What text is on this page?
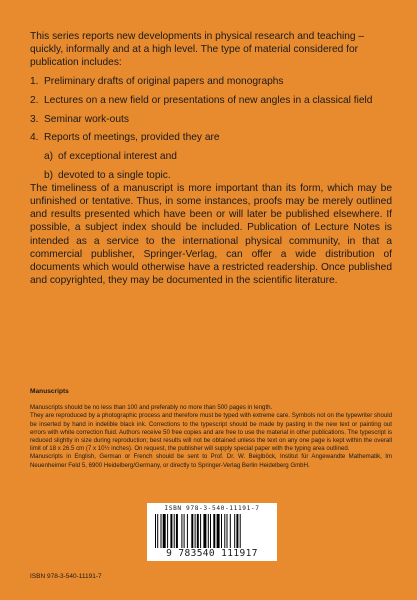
This series reports new developments in physical research and teaching – quickly, informally and at a high level. The type of material considered for publication includes:

1. Preliminary drafts of original papers and monographs
2. Lectures on a new field or presentations of new angles in a classical field
3. Seminar work-outs
4. Reports of meetings, provided they are
a) of exceptional interest and
b) devoted to a single topic.

The timeliness of a manuscript is more important than its form, which may be unfinished or tentative. Thus, in some instances, proofs may be merely outlined and results presented which have been or will later be published elsewhere. If possible, a subject index should be included. Publication of Lecture Notes is intended as a service to the international physical community, in that a commercial publisher, Springer-Verlag, can offer a wide distribution of documents which would otherwise have a restricted readership. Once published and copyrighted, they may be documented in the scientific literature.

Manuscripts

Manuscripts should be no less than 100 and preferably no more than 500 pages in length.

They are reproduced by a photographic process and therefore must be typed with extreme care. Symbols not on the typewriter should be inserted by hand in indelible black ink. Corrections to the typescript should be made by pasting in the new text or painting out errors with white correction fluid. Authors receive 50 free copies and are free to use the material in other publications. The typescript is reduced slightly in size during reproduction; best results will not be obtained unless the text on any one page is kept within the overall limit of 18 x 26.5 cm (7 x 10½ inches). On request, the publisher will supply special paper with the typing area outlined.

Manuscripts in English, German or French should be sent to Prof. Dr. W. Beiglböck, Institut für Angewandte Mathematik, Im Neuenheimer Feld 5, 6900 Heidelberg/Germany, or directly to Springer-Verlag Berlin Heidelberg GmbH.

ISBN 978-3-540-11191-7
9 783540 111917
ISBN 978-3-540-11191-7
